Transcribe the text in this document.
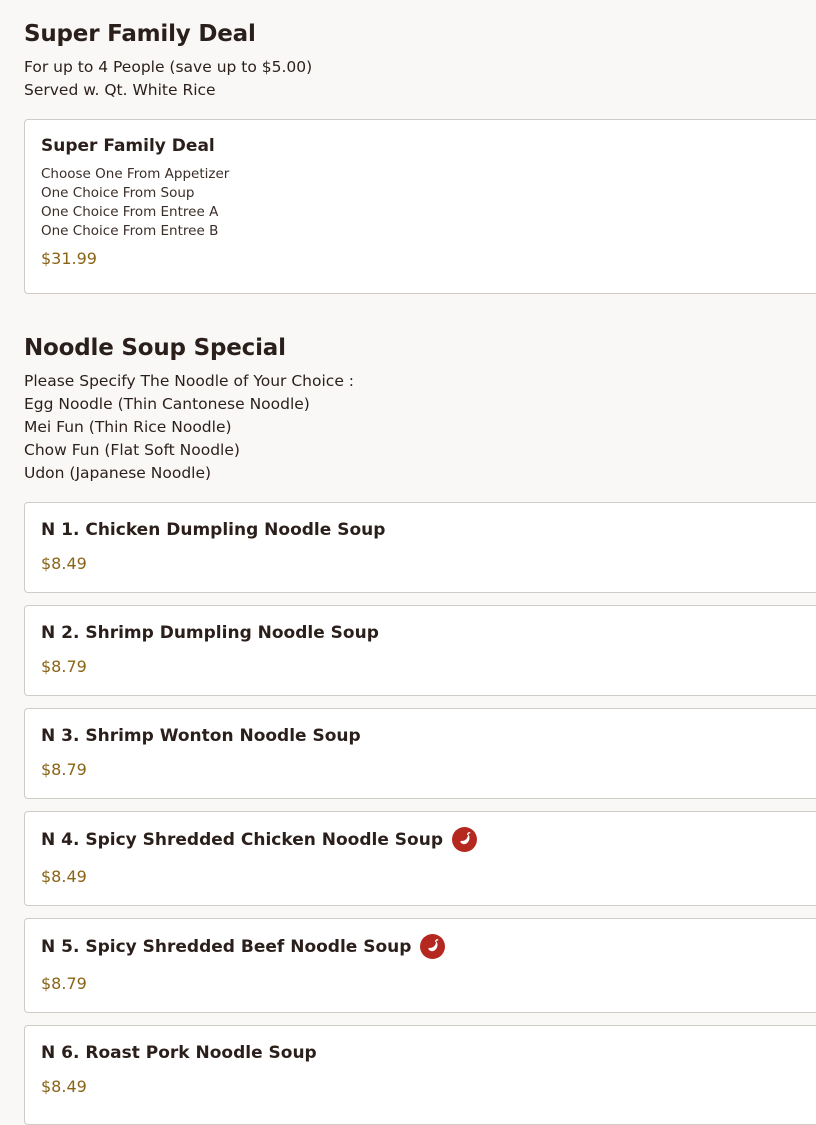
Super Family Deal
For up to 4 People (save up to $5.00)
Served w. Qt. White Rice
Super Family Deal
Choose One From Appetizer
One Choice From Soup
One Choice From Entree A
One Choice From Entree B
$31.99
Noodle Soup Special
Please Specify The Noodle of Your Choice :
Egg Noodle (Thin Cantonese Noodle)
Mei Fun (Thin Rice Noodle)
Chow Fun (Flat Soft Noodle)
Udon (Japanese Noodle)
N 1. Chicken Dumpling Noodle Soup
$8.49
N 2. Shrimp Dumpling Noodle Soup
$8.79
N 3. Shrimp Wonton Noodle Soup
$8.79
N 4. Spicy Shredded Chicken Noodle Soup
$8.49
N 5. Spicy Shredded Beef Noodle Soup
$8.79
N 6. Roast Pork Noodle Soup
$8.49
